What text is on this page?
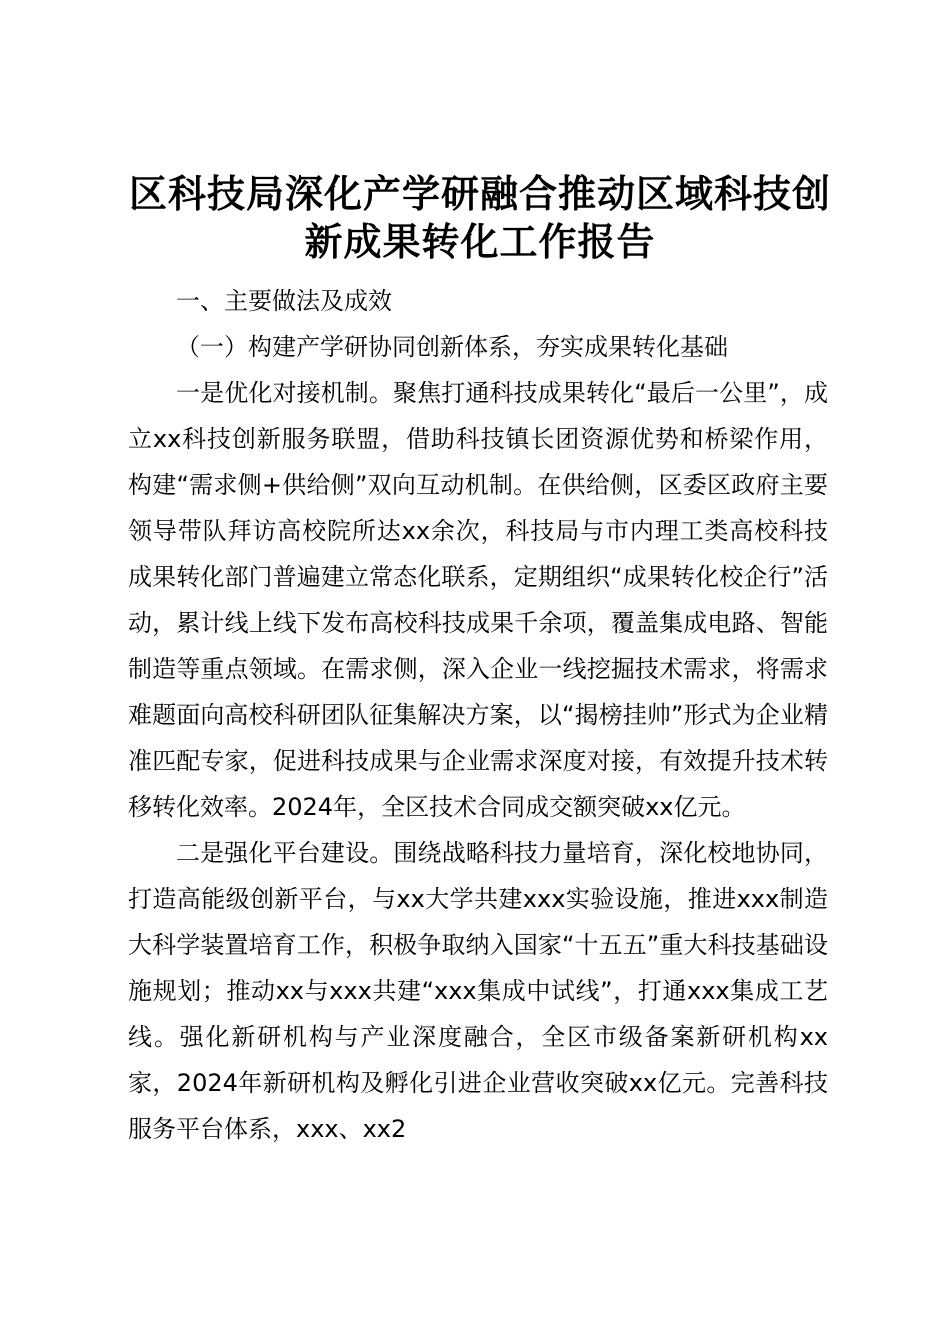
区科技局深化产学研融合推动区域科技创新成果转化工作报告

一、主要做法及成效

（一）构建产学研协同创新体系，夯实成果转化基础

一是优化对接机制。聚焦打通科技成果转化“最后一公里”，成立xx科技创新服务联盟，借助科技镇长团资源优势和桥梁作用，构建“需求侧+供给侧”双向互动机制。在供给侧，区委区政府主要领导带队拜访高校院所达xx余次，科技局与市内理工类高校科技成果转化部门普遍建立常态化联系，定期组织“成果转化校企行”活动，累计线上线下发布高校科技成果千余项，覆盖集成电路、智能制造等重点领域。在需求侧，深入企业一线挖掘技术需求，将需求难题面向高校科研团队征集解决方案，以“揭榜挂帅”形式为企业精准匹配专家，促进科技成果与企业需求深度对接，有效提升技术转移转化效率。2024年，全区技术合同成交额突破xx亿元。

二是强化平台建设。围绕战略科技力量培育，深化校地协同，打造高能级创新平台，与xx大学共建xxx实验设施，推进xxx制造大科学装置培育工作，积极争取纳入国家“十五五”重大科技基础设施规划；推动xx与xxx共建“xxx集成中试线”，打通xxx集成工艺线。强化新研机构与产业深度融合，全区市级备案新研机构xx家，2024年新研机构及孵化引进企业营收突破xx亿元。完善科技服务平台体系，xxx、xx2
